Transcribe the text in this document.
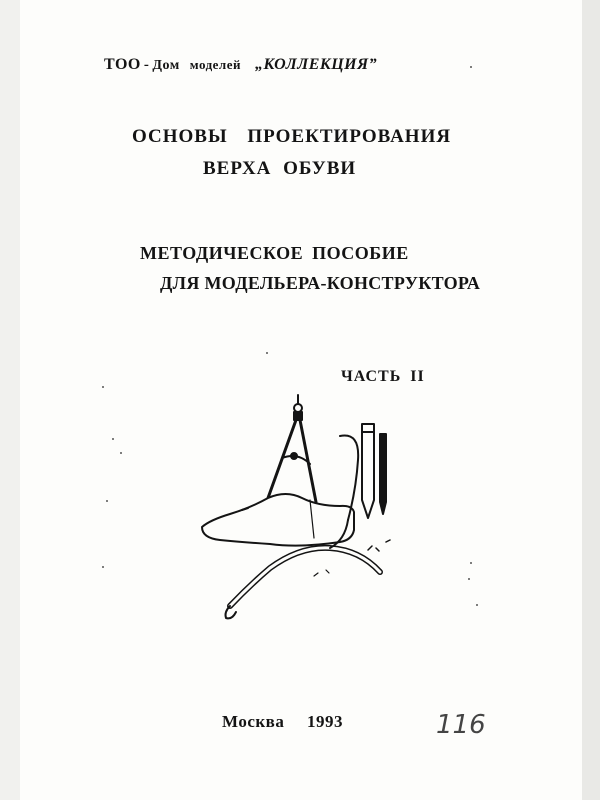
ТОО - Дом моделей „КОЛЛЕКЦИЯ”
ОСНОВЫ ПРОЕКТИРОВАНИЯ
ВЕРХА ОБУВИ
МЕТОДИЧЕСКОЕ ПОСОБИЕ
ДЛЯ МОДЕЛЬЕРА-КОНСТРУКТОРА
ЧАСТЬ II
Москва 1993	116
